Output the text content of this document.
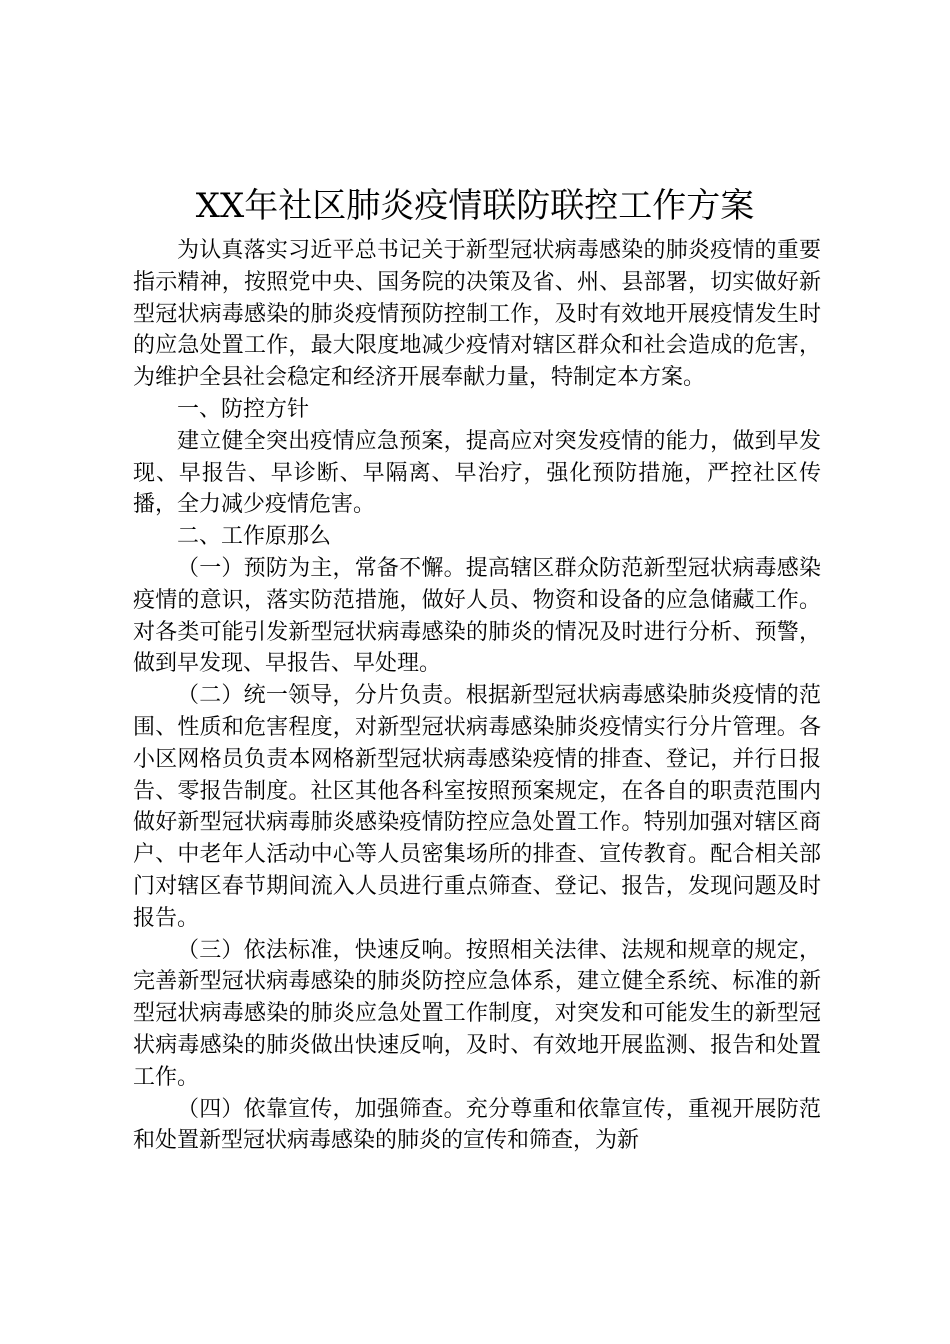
XX年社区肺炎疫情联防联控工作方案

为认真落实习近平总书记关于新型冠状病毒感染的肺炎疫情的重要指示精神，按照党中央、国务院的决策及省、州、县部署，切实做好新型冠状病毒感染的肺炎疫情预防控制工作，及时有效地开展疫情发生时的应急处置工作，最大限度地减少疫情对辖区群众和社会造成的危害，为维护全县社会稳定和经济开展奉献力量，特制定本方案。

一、防控方针

建立健全突出疫情应急预案，提高应对突发疫情的能力，做到早发现、早报告、早诊断、早隔离、早治疗，强化预防措施，严控社区传播，全力减少疫情危害。

二、工作原那么

（一）预防为主，常备不懈。提高辖区群众防范新型冠状病毒感染疫情的意识，落实防范措施，做好人员、物资和设备的应急储藏工作。对各类可能引发新型冠状病毒感染的肺炎的情况及时进行分析、预警，做到早发现、早报告、早处理。

（二）统一领导，分片负责。根据新型冠状病毒感染肺炎疫情的范围、性质和危害程度，对新型冠状病毒感染肺炎疫情实行分片管理。各小区网格员负责本网格新型冠状病毒感染疫情的排查、登记，并行日报告、零报告制度。社区其他各科室按照预案规定，在各自的职责范围内做好新型冠状病毒肺炎感染疫情防控应急处置工作。特别加强对辖区商户、中老年人活动中心等人员密集场所的排查、宣传教育。配合相关部门对辖区春节期间流入人员进行重点筛查、登记、报告，发现问题及时报告。

（三）依法标准，快速反响。按照相关法律、法规和规章的规定，完善新型冠状病毒感染的肺炎防控应急体系，建立健全系统、标准的新型冠状病毒感染的肺炎应急处置工作制度，对突发和可能发生的新型冠状病毒感染的肺炎做出快速反响，及时、有效地开展监测、报告和处置工作。

（四）依靠宣传，加强筛查。充分尊重和依靠宣传，重视开展防范和处置新型冠状病毒感染的肺炎的宣传和筛查，为新
